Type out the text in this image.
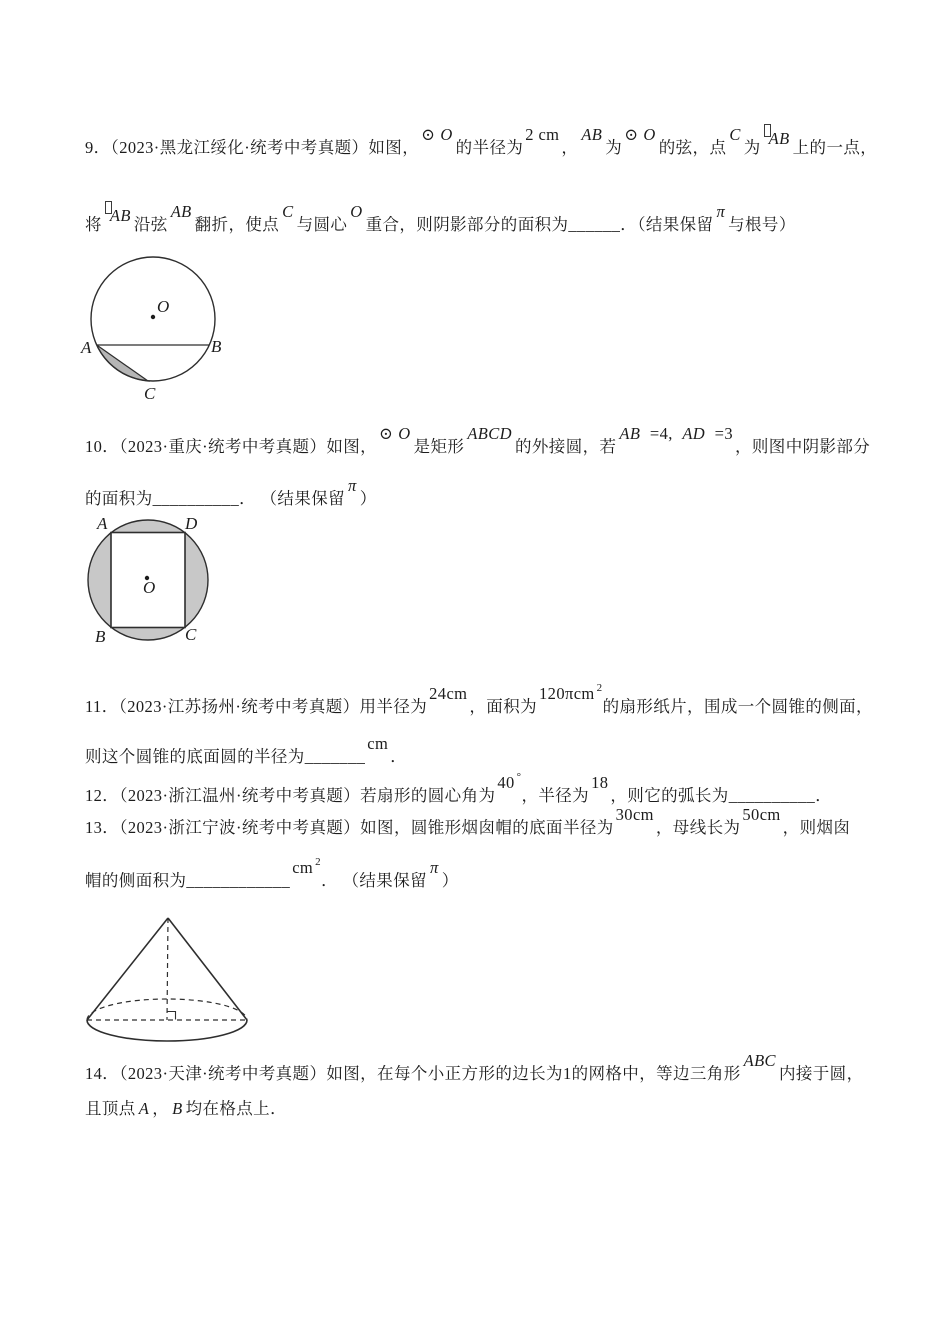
9．（2023·黑龙江绥化·统考中考真题）如图，⊙ O的半径为2 cm，AB为⊙ O的弦，点C为 AB 上的一点，
将 AB 沿弦AB翻折，使点C与圆心O重合，则阴影部分的面积为______．（结果保留π与根号）
O
A	B
C
10．（2023·重庆·统考中考真题）如图，⊙ O是矩形ABCD的外接圆，若AB =4, AD =3，则图中阴影部分
的面积为__________． （结果保留π）
O
A	D
B	C
11．（2023·江苏扬州·统考中考真题）用半径为24cm，面积为120πcm $^2$的扇形纸片，围成一个圆锥的侧面，
则这个圆锥的底面圆的半径为_______cm．
12．（2023·浙江温州·统考中考真题）若扇形的圆心角为40 °，半径为18，则它的弧长为__________．
13．（2023·浙江宁波·统考中考真题）如图，圆锥形烟囱帽的底面半径为30cm，母线长为50cm，则烟囱
帽的侧面积为____________cm $^2$． （结果保留π）
14．（2023·天津·统考中考真题）如图，在每个小正方形的边长为1的网格中，等边三角形ABC内接于圆，
且顶点 A ， B 均在格点上．
